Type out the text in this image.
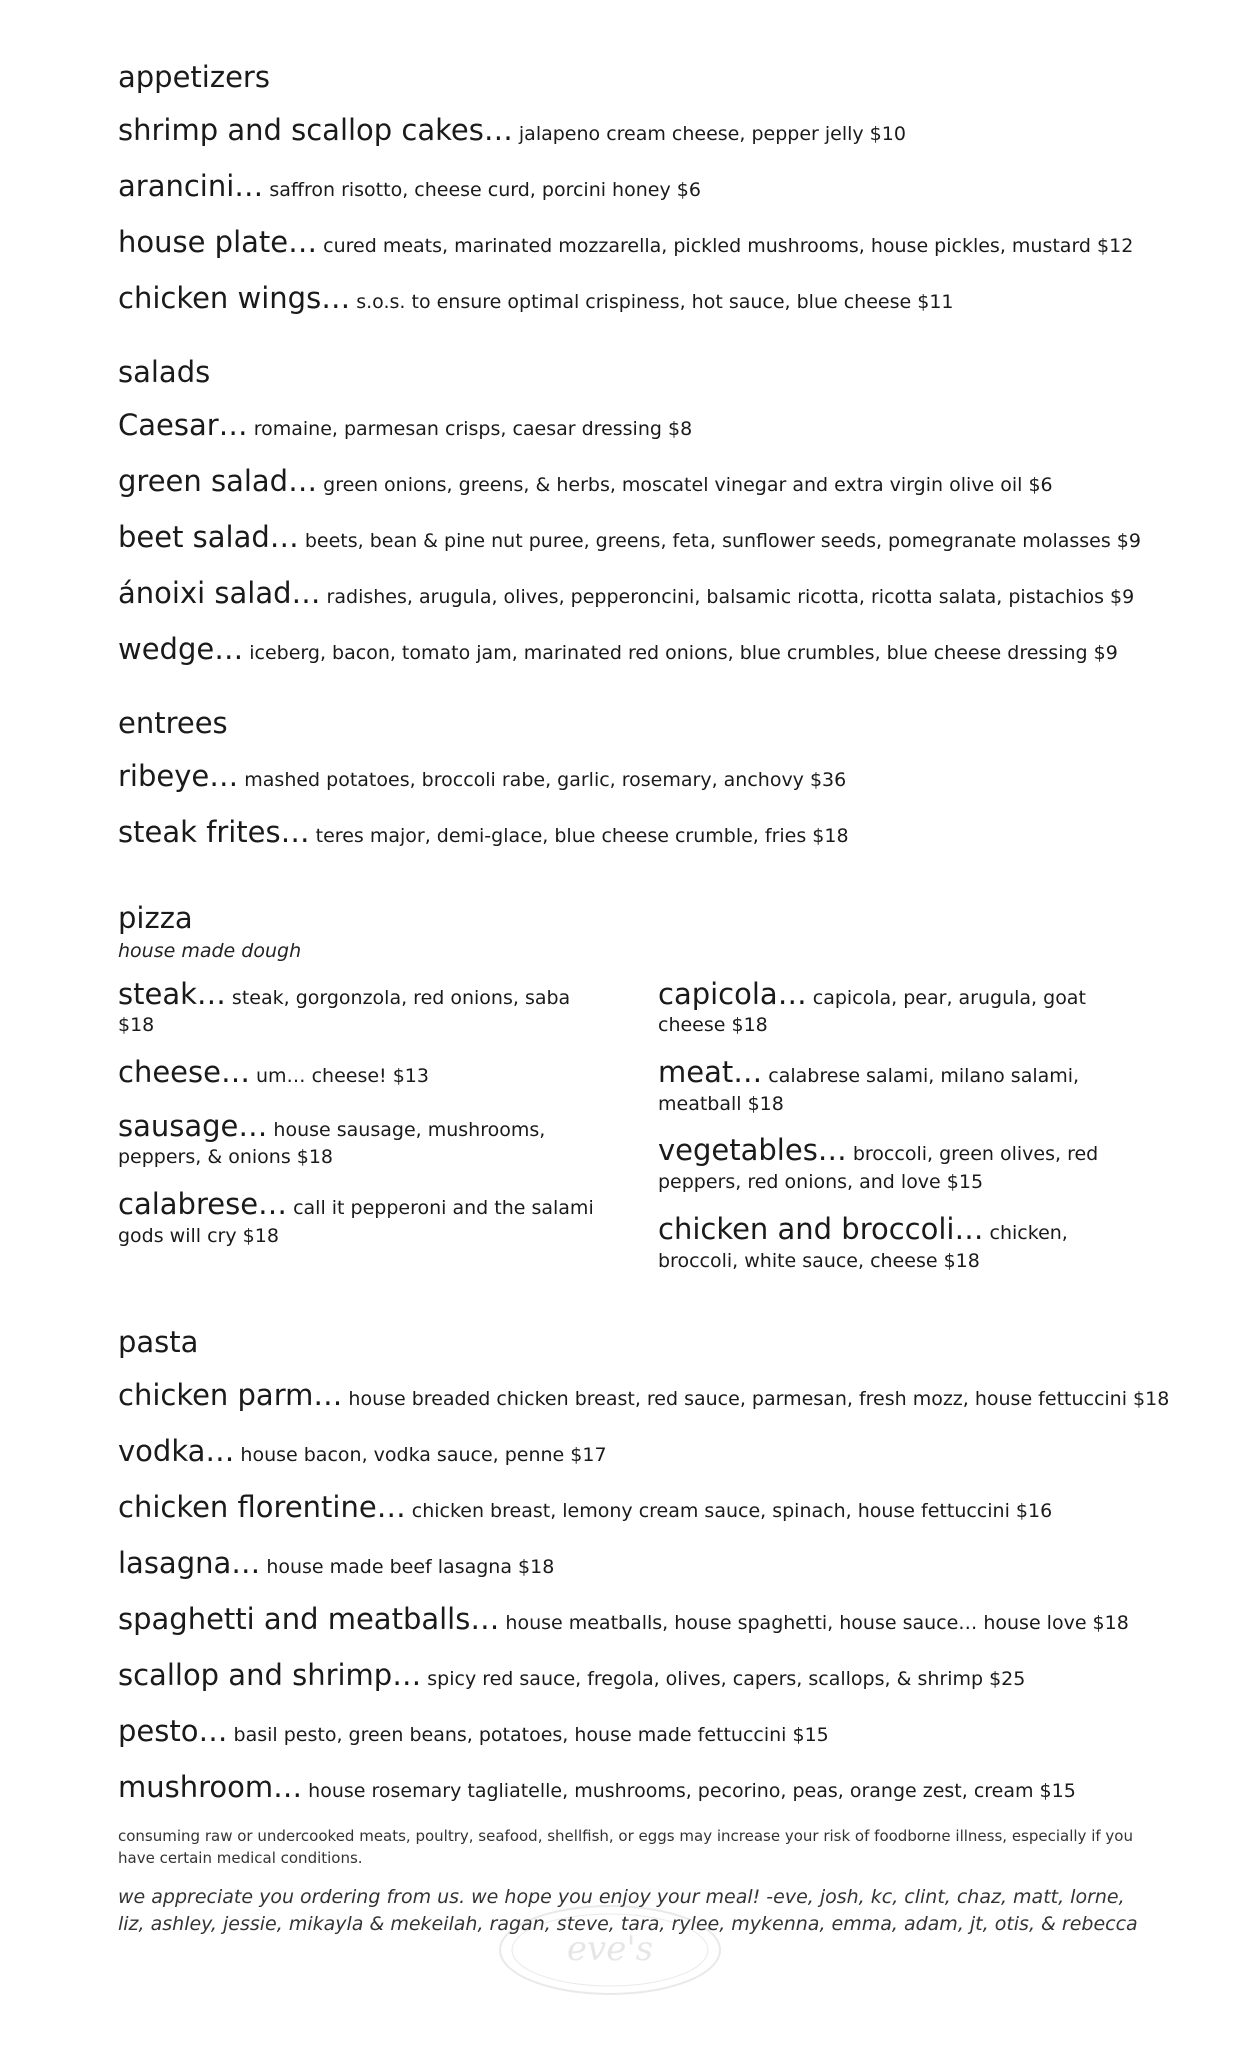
appetizers
shrimp and scallop cakes… jalapeno cream cheese, pepper jelly $10
arancini… saffron risotto, cheese curd, porcini honey $6
house plate… cured meats, marinated mozzarella, pickled mushrooms, house pickles, mustard $12
chicken wings… s.o.s. to ensure optimal crispiness, hot sauce, blue cheese $11
salads
Caesar… romaine, parmesan crisps, caesar dressing $8
green salad… green onions, greens, & herbs, moscatel vinegar and extra virgin olive oil $6
beet salad… beets, bean & pine nut puree, greens, feta, sunflower seeds, pomegranate molasses $9
ánoixi salad… radishes, arugula, olives, pepperoncini, balsamic ricotta, ricotta salata, pistachios $9
wedge… iceberg, bacon, tomato jam, marinated red onions, blue crumbles, blue cheese dressing $9
entrees
ribeye… mashed potatoes, broccoli rabe, garlic, rosemary, anchovy $36
steak frites… teres major, demi-glace, blue cheese crumble, fries $18
pizza
house made dough
steak… steak, gorgonzola, red onions, saba $18
cheese… um… cheese! $13
sausage… house sausage, mushrooms, peppers, & onions $18
calabrese… call it pepperoni and the salami gods will cry $18
capicola… capicola, pear, arugula, goat cheese $18
meat… calabrese salami, milano salami, meatball $18
vegetables… broccoli, green olives, red peppers, red onions, and love $15
chicken and broccoli… chicken, broccoli, white sauce, cheese $18
pasta
chicken parm… house breaded chicken breast, red sauce, parmesan, fresh mozz, house fettuccini $18
vodka… house bacon, vodka sauce, penne $17
chicken florentine… chicken breast, lemony cream sauce, spinach, house fettuccini $16
lasagna… house made beef lasagna $18
spaghetti and meatballs… house meatballs, house spaghetti, house sauce… house love $18
scallop and shrimp… spicy red sauce, fregola, olives, capers, scallops, & shrimp $25
pesto… basil pesto, green beans, potatoes, house made fettuccini $15
mushroom… house rosemary tagliatelle, mushrooms, pecorino, peas, orange zest, cream $15
consuming raw or undercooked meats, poultry, seafood, shellfish, or eggs may increase your risk of foodborne illness, especially if you have certain medical conditions.
we appreciate you ordering from us. we hope you enjoy your meal! -eve, josh, kc, clint, chaz, matt, lorne, liz, ashley, jessie, mikayla & mekeilah, ragan, steve, tara, rylee, mykenna, emma, adam, jt, otis, & rebecca
eve's
